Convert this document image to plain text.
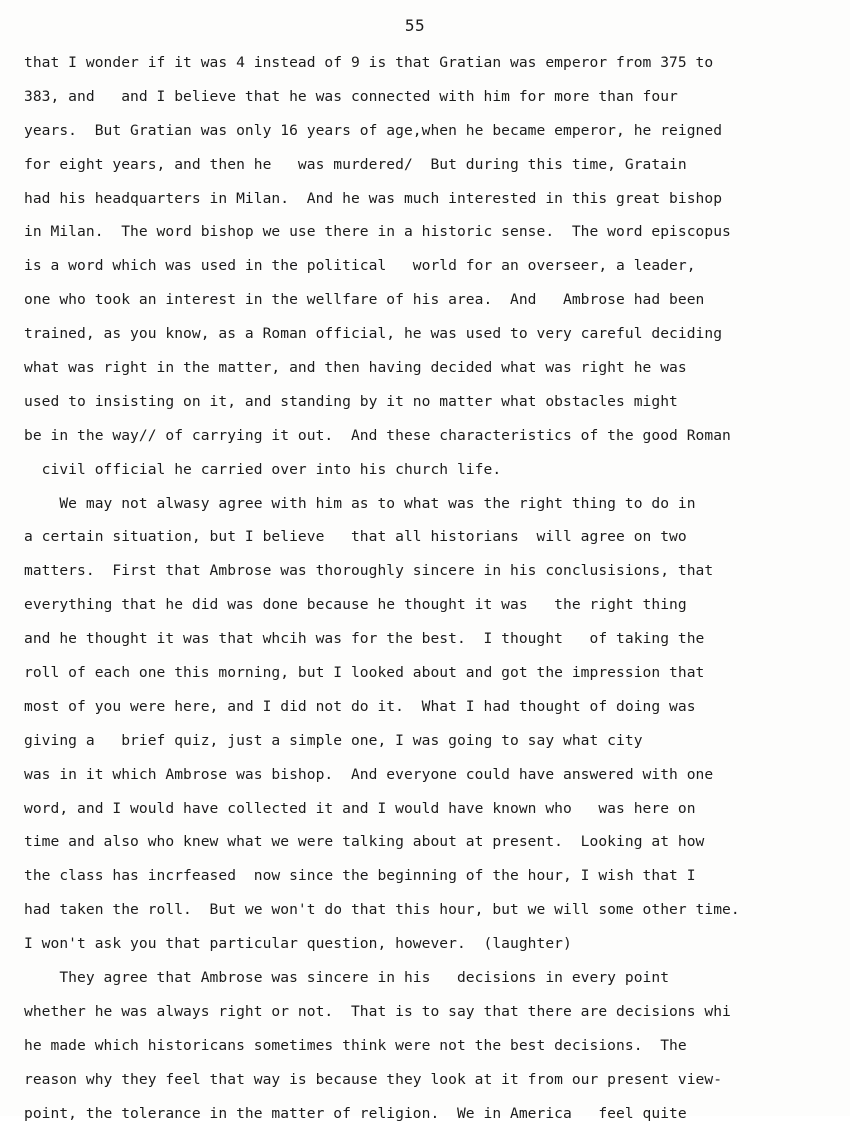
55
that I wonder if it was 4 instead of 9 is that Gratian was emperor from 375 to
383, and   and I believe that he was connected with him for more than four
years.  But Gratian was only 16 years of age,when he became emperor, he reigned
for eight years, and then he   was murdered/  But during this time, Gratain
had his headquarters in Milan.  And he was much interested in this great bishop
in Milan.  The word bishop we use there in a historic sense.  The word episcopus
is a word which was used in the political   world for an overseer, a leader,
one who took an interest in the wellfare of his area.  And   Ambrose had been
trained, as you know, as a Roman official, he was used to very careful deciding
what was right in the matter, and then having decided what was right he was
used to insisting on it, and standing by it no matter what obstacles might
be in the way// of carrying it out.  And these characteristics of the good Roman
civil official he carried over into his church life.
We may not alwasy agree with him as to what was the right thing to do in
a certain situation, but I believe   that all historians  will agree on two
matters.  First that Ambrose was thoroughly sincere in his conclusisions, that
everything that he did was done because he thought it was   the right thing
and he thought it was that whcih was for the best.  I thought   of taking the
roll of each one this morning, but I looked about and got the impression that
most of you were here, and I did not do it.  What I had thought of doing was
giving a   brief quiz, just a simple one, I was going to say what city
was in it which Ambrose was bishop.  And everyone could have answered with one
word, and I would have collected it and I would have known who   was here on
time and also who knew what we were talking about at present.  Looking at how
the class has incrfeased  now since the beginning of the hour, I wish that I
had taken the roll.  But we won't do that this hour, but we will some other time.
I won't ask you that particular question, however.  (laughter)
They agree that Ambrose was sincere in his   decisions in every point
whether he was always right or not.  That is to say that there are decisions whi
he made which historicans sometimes think were not the best decisions.  The
reason why they feel that way is because they look at it from our present view-
point, the tolerance in the matter of religion.  We in America   feel quite
